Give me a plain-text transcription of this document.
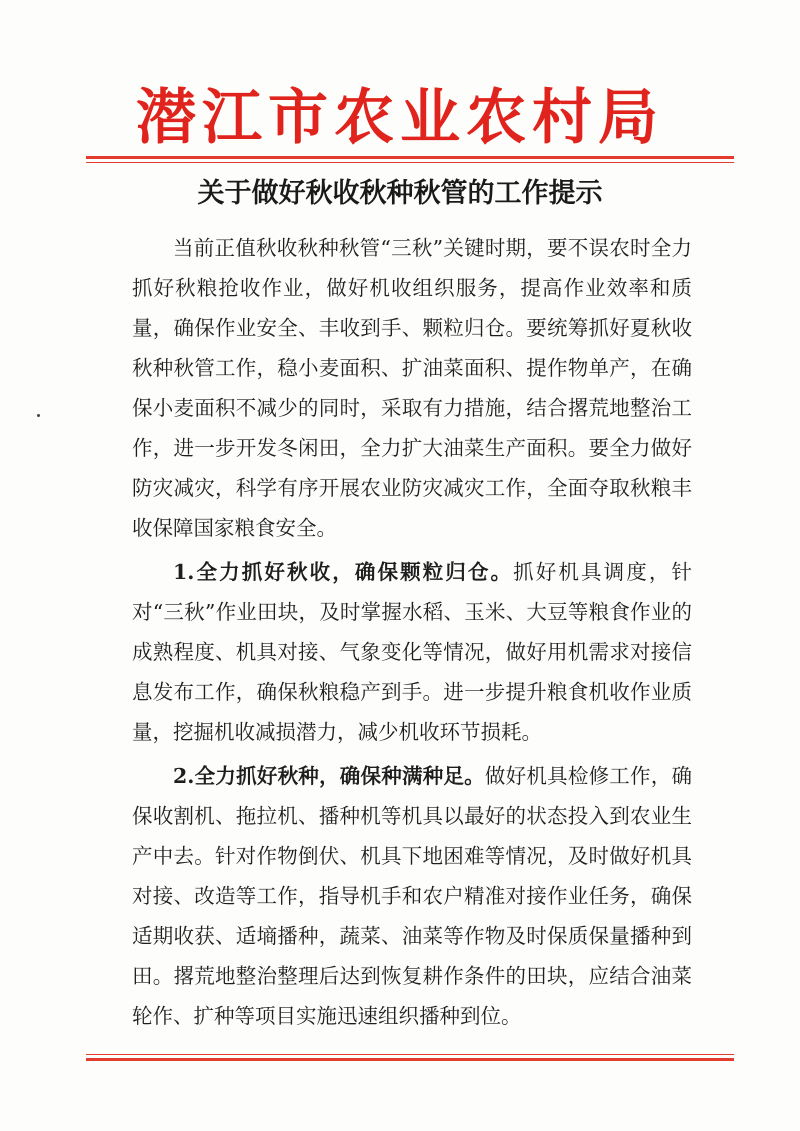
潜江市农业农村局
关于做好秋收秋种秋管的工作提示

当前正值秋收秋种秋管“三秋”关键时期，要不误农时全力抓好秋粮抢收作业，做好机收组织服务，提高作业效率和质量，确保作业安全、丰收到手、颗粒归仓。要统筹抓好夏秋收秋种秋管工作，稳小麦面积、扩油菜面积、提作物单产，在确保小麦面积不减少的同时，采取有力措施，结合撂荒地整治工作，进一步开发冬闲田，全力扩大油菜生产面积。要全力做好防灾减灾，科学有序开展农业防灾减灾工作，全面夺取秋粮丰收保障国家粮食安全。

1.全力抓好秋收，确保颗粒归仓。抓好机具调度，针对“三秋”作业田块，及时掌握水稻、玉米、大豆等粮食作业的成熟程度、机具对接、气象变化等情况，做好用机需求对接信息发布工作，确保秋粮稳产到手。进一步提升粮食机收作业质量，挖掘机收减损潜力，减少机收环节损耗。

2.全力抓好秋种，确保种满种足。做好机具检修工作，确保收割机、拖拉机、播种机等机具以最好的状态投入到农业生产中去。针对作物倒伏、机具下地困难等情况，及时做好机具对接、改造等工作，指导机手和农户精准对接作业任务，确保适期收获、适墒播种，蔬菜、油菜等作物及时保质保量播种到田。撂荒地整治整理后达到恢复耕作条件的田块，应结合油菜轮作、扩种等项目实施迅速组织播种到位。
